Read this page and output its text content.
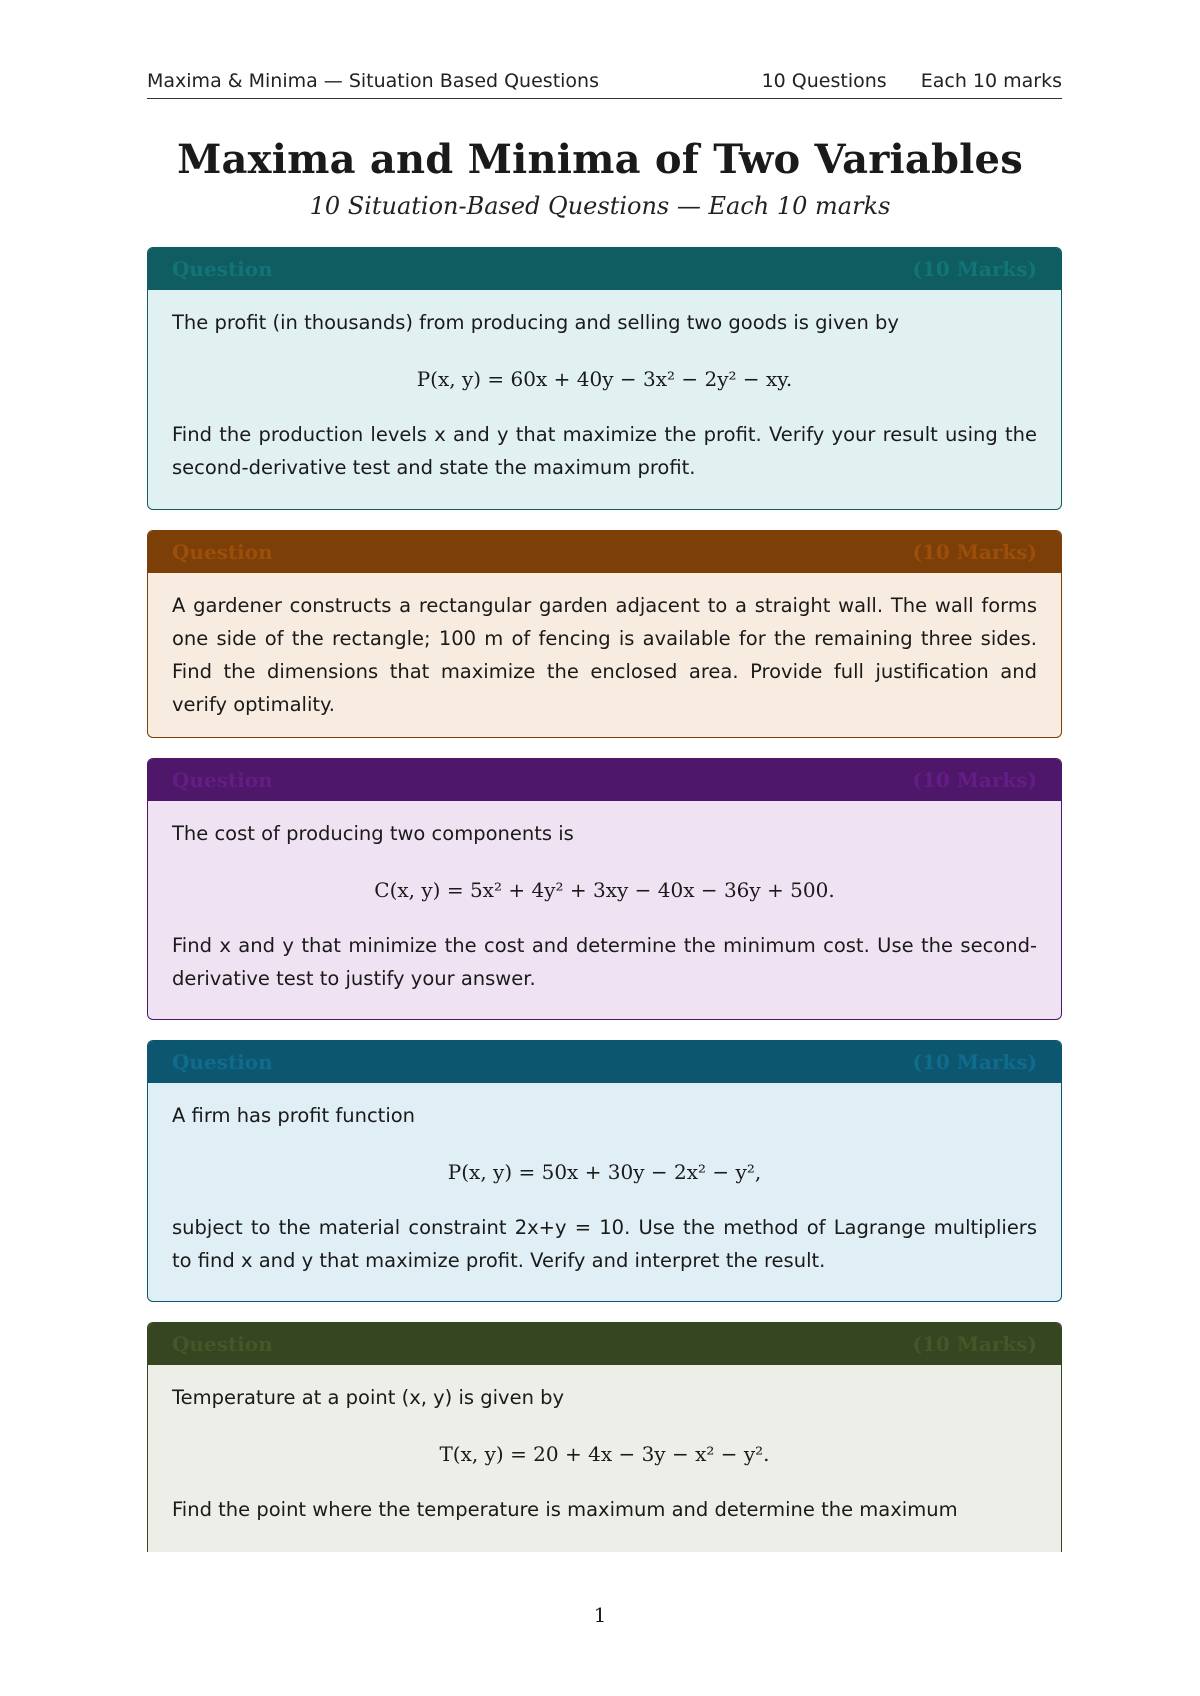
Maxima & Minima — Situation Based Questions	10 Questions Each 10 marks
Maxima and Minima of Two Variables
10 Situation-Based Questions — Each 10 marks
Question	(10 Marks)

The profit (in thousands) from producing and selling two goods is given by

P(x, y) = 60x + 40y − 3x² − 2y² − xy.

Find the production levels x and y that maximize the profit. Verify your result using the second-derivative test and state the maximum profit.

Question	(10 Marks)

A gardener constructs a rectangular garden adjacent to a straight wall. The wall forms one side of the rectangle; 100 m of fencing is available for the remaining three sides. Find the dimensions that maximize the enclosed area. Provide full justification and verify optimality.

Question	(10 Marks)

The cost of producing two components is

C(x, y) = 5x² + 4y² + 3xy − 40x − 36y + 500.

Find x and y that minimize the cost and determine the minimum cost. Use the second-derivative test to justify your answer.

Question	(10 Marks)

A firm has profit function

P(x, y) = 50x + 30y − 2x² − y²,

subject to the material constraint 2x+y = 10. Use the method of Lagrange multipliers to find x and y that maximize profit. Verify and interpret the result.

Question	(10 Marks)

Temperature at a point (x, y) is given by

T(x, y) = 20 + 4x − 3y − x² − y².

Find the point where the temperature is maximum and determine the maximum

1
